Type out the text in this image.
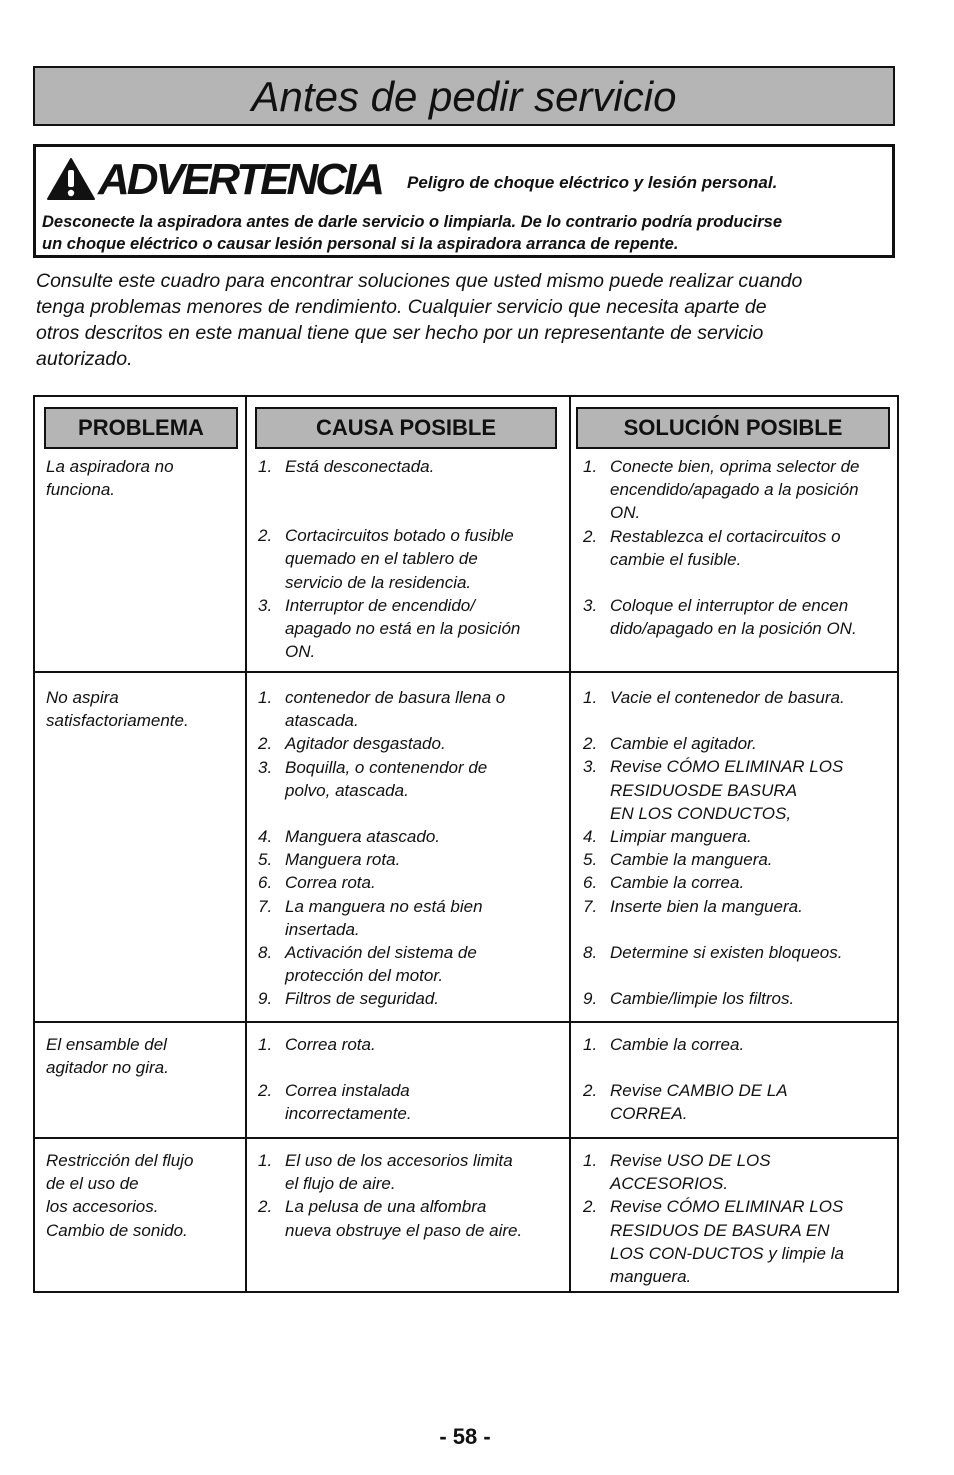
Antes de pedir servicio
ADVERTENCIA Peligro de choque eléctrico y lesión personal.
Desconecte la aspiradora antes de darle servicio o limpiarla. De lo contrario podría producirse
un choque eléctrico o causar lesión personal si la aspiradora arranca de repente.
Consulte este cuadro para encontrar soluciones que usted mismo puede realizar cuando
tenga problemas menores de rendimiento. Cualquier servicio que necesita aparte de
otros descritos en este manual tiene que ser hecho por un representante de servicio
autorizado.
PROBLEMA	CAUSA POSIBLE	SOLUCIÓN POSIBLE
La aspiradora no
funciona.
1. Está desconectada.
2. Cortacircuitos botado o fusible
quemado en el tablero de
servicio de la residencia.
3. Interruptor de encendido/
apagado no está en la posición
ON.
1. Conecte bien, oprima selector de
encendido/apagado a la posición
ON.
2. Restablezca el cortacircuitos o
cambie el fusible.
3. Coloque el interruptor de encen
dido/apagado en la posición ON.
No aspira
satisfactoriamente.
1. contenedor de basura llena o
atascada.
2. Agitador desgastado.
3. Boquilla, o contenendor de
polvo, atascada.
4. Manguera atascado.
5. Manguera rota.
6. Correa rota.
7. La manguera no está bien
insertada.
8. Activación del sistema de
protección del motor.
9. Filtros de seguridad.
1. Vacie el contenedor de basura.
2. Cambie el agitador.
3. Revise CÓMO ELIMINAR LOS
RESIDUOSDE BASURA
EN LOS CONDUCTOS,
4. Limpiar manguera.
5. Cambie la manguera.
6. Cambie la correa.
7. Inserte bien la manguera.
8. Determine si existen bloqueos.
9. Cambie/limpie los filtros.
El ensamble del
agitador no gira.
1. Correa rota.
2. Correa instalada
incorrectamente.
1. Cambie la correa.
2. Revise CAMBIO DE LA
CORREA.
Restricción del flujo
de el uso de
los accesorios.
Cambio de sonido.
1. El uso de los accesorios limita
el flujo de aire.
2. La pelusa de una alfombra
nueva obstruye el paso de aire.
1. Revise USO DE LOS
ACCESORIOS.
2. Revise CÓMO ELIMINAR LOS
RESIDUOS DE BASURA EN
LOS CON-DUCTOS y limpie la
manguera.
- 58 -
